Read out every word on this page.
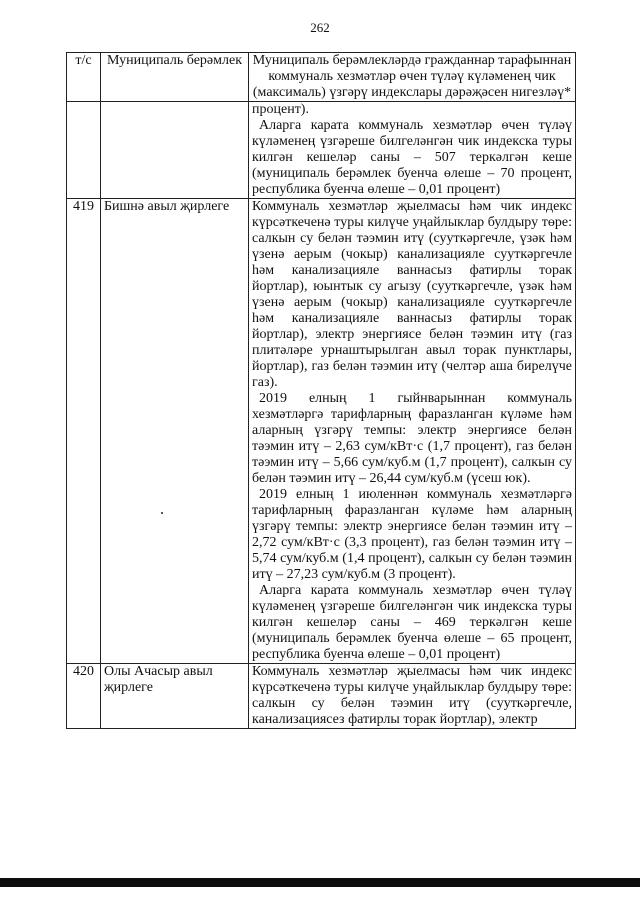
262
т/с	Муниципаль берәмлек	Муниципаль берәмлекләрдә гражданнар тарафыннан коммуналь хезмәтләр өчен түләү күләменең чик (максималь) үзгәрү индекслары дәрәҗәсен нигезләү*

		процент).
Аларга карата коммуналь хезмәтләр өчен түләү күләменең үзгәреше билгеләнгән чик индекска туры килгән кешеләр саны – 507 теркәлгән кеше (муниципаль берәмлек буенча өлеше – 70 процент, республика буенча өлеше – 0,01 процент)

419	Бишнә авыл җирлеге	Коммуналь хезмәтләр җыелмасы һәм чик индекс күрсәткеченә туры килүче уңайлыклар булдыру төре: салкын су белән тәэмин итү (сууткәргечле, үзәк һәм үзенә аерым (чокыр) канализацияле сууткәргечле һәм канализацияле ваннасыз фатирлы торак йортлар), юынтык су агызу (сууткәргечле, үзәк һәм үзенә аерым (чокыр) канализацияле сууткәргечле һәм канализацияле ваннасыз фатирлы торак йортлар), электр энергиясе белән тәэмин итү (газ плитәләре урнаштырылган авыл торак пунктлары, йортлар), газ белән тәэмин итү (челтәр аша бирелүче газ).
2019 елның 1 гыйнварыннан коммуналь хезмәтләргә тарифларның фаразланган күләме һәм аларның үзгәрү темпы: электр энергиясе белән тәэмин итү – 2,63 сум/кВт·с (1,7 процент), газ белән тәэмин итү – 5,66 сум/куб.м (1,7 процент), салкын су белән тәэмин итү – 26,44 сум/куб.м (үсеш юк).
2019 елның 1 июленнән коммуналь хезмәтләргә тарифларның фаразланган күләме һәм аларның үзгәрү темпы: электр энергиясе белән тәэмин итү – 2,72 сум/кВт·с (3,3 процент), газ белән тәэмин итү – 5,74 сум/куб.м (1,4 процент), салкын су белән тәэмин итү – 27,23 сум/куб.м (3 процент).
Аларга карата коммуналь хезмәтләр өчен түләү күләменең үзгәреше билгеләнгән чик индекска туры килгән кешеләр саны – 469 теркәлгән кеше (муниципаль берәмлек буенча өлеше – 65 процент, республика буенча өлеше – 0,01 процент)

420	Олы Ачасыр авыл җирлеге	Коммуналь хезмәтләр җыелмасы һәм чик индекс күрсәткеченә туры килүче уңайлыклар булдыру төре: салкын су белән тәэмин итү (сууткәргечле, канализациясез фатирлы торак йортлар), электр
